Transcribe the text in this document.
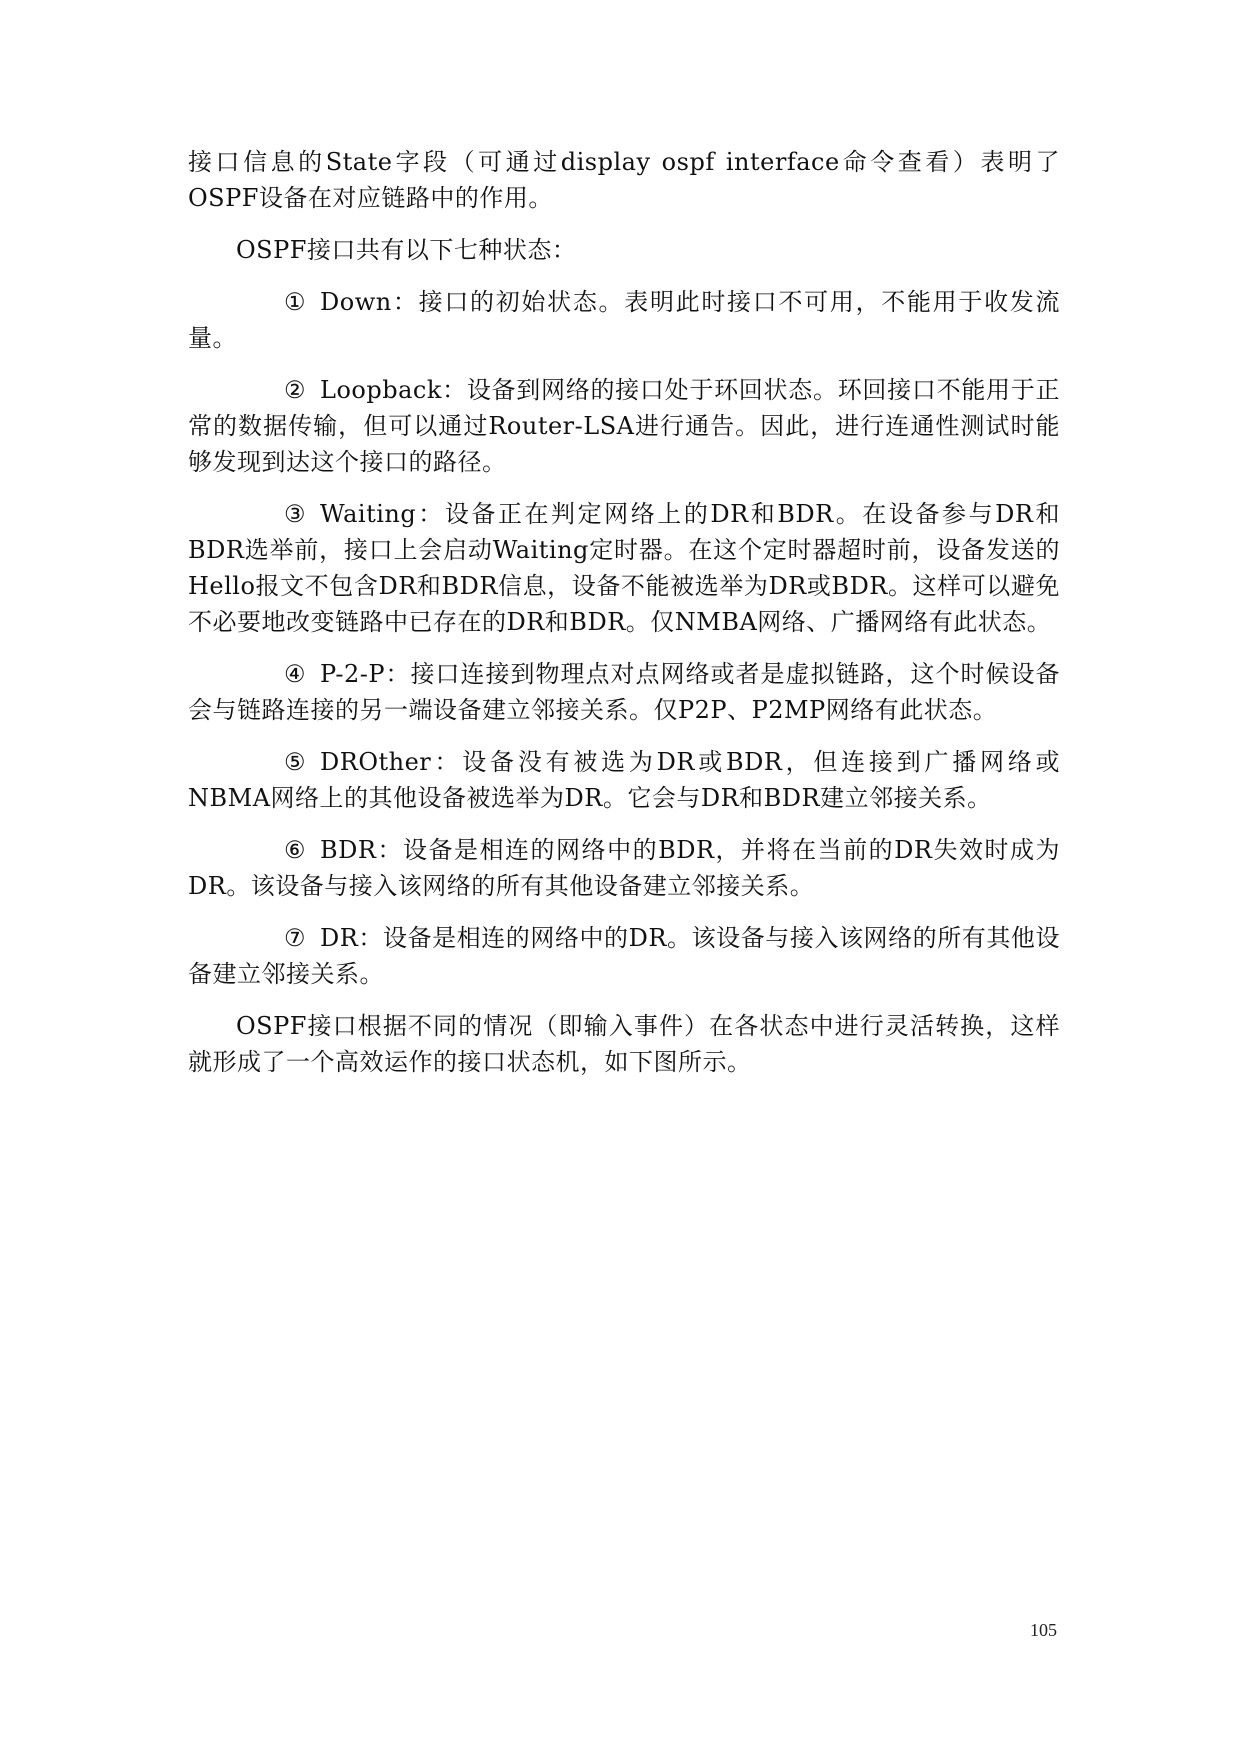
接口信息的State字段（可通过display ospf interface命令查看）表明了OSPF设备在对应链路中的作用。

OSPF接口共有以下七种状态：

① Down：接口的初始状态。表明此时接口不可用，不能用于收发流量。

② Loopback：设备到网络的接口处于环回状态。环回接口不能用于正常的数据传输，但可以通过Router-LSA进行通告。因此，进行连通性测试时能够发现到达这个接口的路径。

③ Waiting：设备正在判定网络上的DR和BDR。在设备参与DR和BDR选举前，接口上会启动Waiting定时器。在这个定时器超时前，设备发送的Hello报文不包含DR和BDR信息，设备不能被选举为DR或BDR。这样可以避免不必要地改变链路中已存在的DR和BDR。仅NMBA网络、广播网络有此状态。

④ P-2-P：接口连接到物理点对点网络或者是虚拟链路，这个时候设备会与链路连接的另一端设备建立邻接关系。仅P2P、P2MP网络有此状态。

⑤ DROther：设备没有被选为DR或BDR，但连接到广播网络或NBMA网络上的其他设备被选举为DR。它会与DR和BDR建立邻接关系。

⑥ BDR：设备是相连的网络中的BDR，并将在当前的DR失效时成为DR。该设备与接入该网络的所有其他设备建立邻接关系。

⑦ DR：设备是相连的网络中的DR。该设备与接入该网络的所有其他设备建立邻接关系。

OSPF接口根据不同的情况（即输入事件）在各状态中进行灵活转换，这样就形成了一个高效运作的接口状态机，如下图所示。

105
